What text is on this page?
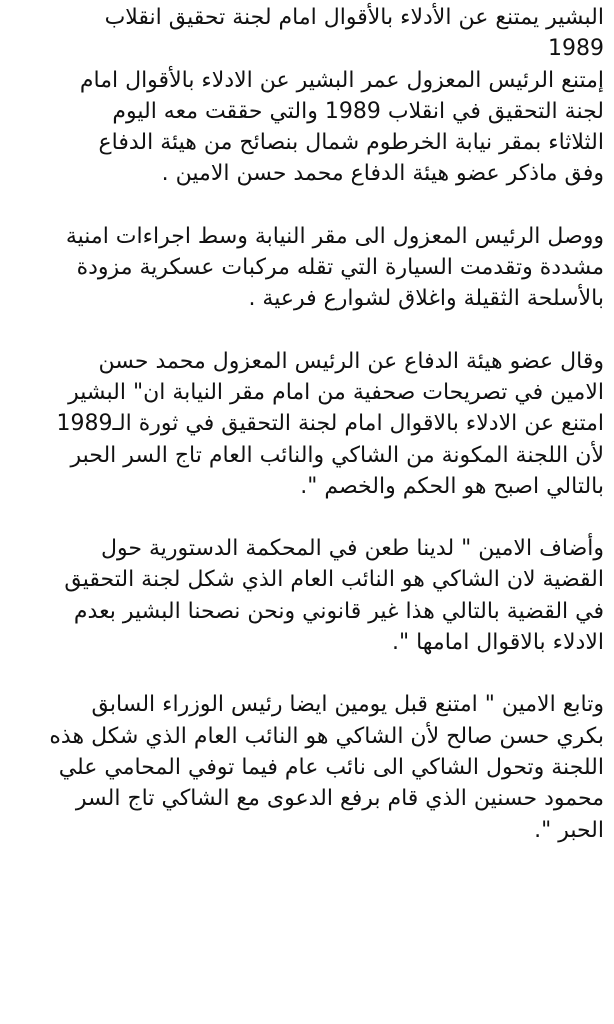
البشير يمتنع عن الأدلاء بالأقوال امام لجنة تحقيق انقلاب
1989

إمتنع الرئيس المعزول عمر البشير عن الادلاء بالأقوال امام
لجنة التحقيق في انقلاب 1989 والتي حققت معه اليوم
الثلاثاء بمقر نيابة الخرطوم شمال بنصائح من هيئة الدفاع
وفق ماذكر عضو هيئة الدفاع محمد حسن الامين .

ووصل الرئيس المعزول الى مقر النيابة وسط اجراءات امنية
مشددة وتقدمت السيارة التي تقله مركبات عسكرية مزودة
بالأسلحة الثقيلة واغلاق لشوارع فرعية .

وقال عضو هيئة الدفاع عن الرئيس المعزول محمد حسن
الامين في تصريحات صحفية من امام مقر النيابة ان" البشير
امتنع عن الادلاء بالاقوال امام لجنة التحقيق في ثورة الـ1989
لأن اللجنة المكونة من الشاكي والنائب العام تاج السر الحبر
بالتالي اصبح هو الحكم والخصم ".

وأضاف الامين " لدينا طعن في المحكمة الدستورية حول
القضية لان الشاكي هو النائب العام الذي شكل لجنة التحقيق
في القضية بالتالي هذا غير قانوني ونحن نصحنا البشير بعدم
الادلاء بالاقوال امامها ".

وتابع الامين " امتنع قبل يومين ايضا رئيس الوزراء السابق
بكري حسن صالح لأن الشاكي هو النائب العام الذي شكل هذه
اللجنة وتحول الشاكي الى نائب عام فيما توفي المحامي علي
محمود حسنين الذي قام برفع الدعوى مع الشاكي تاج السر
الحبر ".
